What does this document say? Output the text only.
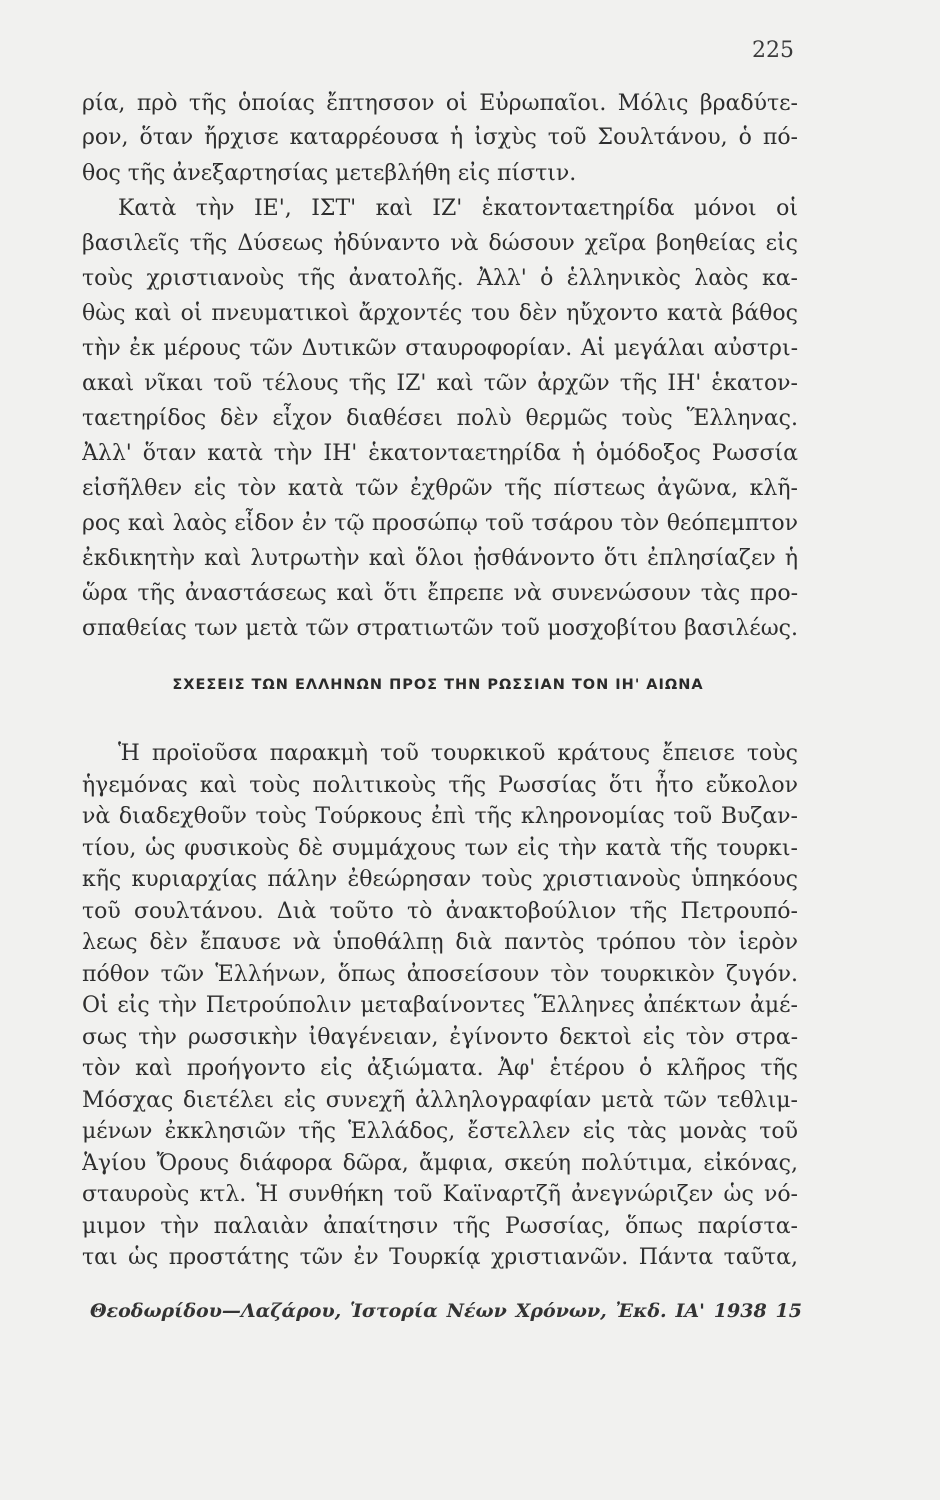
225
ρία, πρὸ τῆς ὁποίας ἔπτησσον οἱ Εὐρωπαῖοι. Μόλις βραδύτε-
ρον, ὅταν ἤρχισε καταρρέουσα ἡ ἰσχὺς τοῦ Σουλτάνου, ὁ πό-
θος τῆς ἀνεξαρτησίας μετεβλήθη εἰς πίστιν.
Κατὰ τὴν ΙΕ', ΙΣΤ' καὶ ΙΖ' ἑκατονταετηρίδα μόνοι οἱ
βασιλεῖς τῆς Δύσεως ἠδύναντο νὰ δώσουν χεῖρα βοηθείας εἰς
τοὺς χριστιανοὺς τῆς ἀνατολῆς. Ἀλλ' ὁ ἑλληνικὸς λαὸς κα-
θὼς καὶ οἱ πνευματικοὶ ἄρχοντές του δὲν ηὔχοντο κατὰ βάθος
τὴν ἐκ μέρους τῶν Δυτικῶν σταυροφορίαν. Αἱ μεγάλαι αὐστρι-
ακαὶ νῖκαι τοῦ τέλους τῆς ΙΖ' καὶ τῶν ἀρχῶν τῆς ΙΗ' ἑκατον-
ταετηρίδος δὲν εἶχον διαθέσει πολὺ θερμῶς τοὺς Ἕλληνας.
Ἀλλ' ὅταν κατὰ τὴν ΙΗ' ἑκατονταετηρίδα ἡ ὁμόδοξος Ρωσσία
εἰσῆλθεν εἰς τὸν κατὰ τῶν ἐχθρῶν τῆς πίστεως ἀγῶνα, κλῆ-
ρος καὶ λαὸς εἶδον ἐν τῷ προσώπῳ τοῦ τσάρου τὸν θεόπεμπτον
ἐκδικητὴν καὶ λυτρωτὴν καὶ ὅλοι ᾐσθάνοντο ὅτι ἐπλησίαζεν ἡ
ὥρα τῆς ἀναστάσεως καὶ ὅτι ἔπρεπε νὰ συνενώσουν τὰς προ-
σπαθείας των μετὰ τῶν στρατιωτῶν τοῦ μοσχοβίτου βασιλέως.
ΣΧΕΣΕΙΣ ΤΩΝ ΕΛΛΗΝΩΝ ΠΡΟΣ ΤΗΝ ΡΩΣΣΙΑΝ ΤΟΝ ΙΗ' ΑΙΩΝΑ
Ἡ προϊοῦσα παρακμὴ τοῦ τουρκικοῦ κράτους ἔπεισε τοὺς
ἡγεμόνας καὶ τοὺς πολιτικοὺς τῆς Ρωσσίας ὅτι ἦτο εὔκολον
νὰ διαδεχθοῦν τοὺς Τούρκους ἐπὶ τῆς κληρονομίας τοῦ Βυζαν-
τίου, ὡς φυσικοὺς δὲ συμμάχους των εἰς τὴν κατὰ τῆς τουρκι-
κῆς κυριαρχίας πάλην ἐθεώρησαν τοὺς χριστιανοὺς ὑπηκόους
τοῦ σουλτάνου. Διὰ τοῦτο τὸ ἀνακτοβούλιον τῆς Πετρουπό-
λεως δὲν ἔπαυσε νὰ ὑποθάλπῃ διὰ παντὸς τρόπου τὸν ἱερὸν
πόθον τῶν Ἑλλήνων, ὅπως ἀποσείσουν τὸν τουρκικὸν ζυγόν.
Οἱ εἰς τὴν Πετρούπολιν μεταβαίνοντες Ἕλληνες ἀπέκτων ἀμέ-
σως τὴν ρωσσικὴν ἰθαγένειαν, ἐγίνοντο δεκτοὶ εἰς τὸν στρα-
τὸν καὶ προήγοντο εἰς ἀξιώματα. Ἀφ' ἑτέρου ὁ κλῆρος τῆς
Μόσχας διετέλει εἰς συνεχῆ ἀλληλογραφίαν μετὰ τῶν τεθλιμ-
μένων ἐκκλησιῶν τῆς Ἑλλάδος, ἔστελλεν εἰς τὰς μονὰς τοῦ
Ἁγίου Ὄρους διάφορα δῶρα, ἄμφια, σκεύη πολύτιμα, εἰκόνας,
σταυροὺς κτλ. Ἡ συνθήκη τοῦ Καϊναρτζῆ ἀνεγνώριζεν ὡς νό-
μιμον τὴν παλαιὰν ἀπαίτησιν τῆς Ρωσσίας, ὅπως παρίστα-
ται ὡς προστάτης τῶν ἐν Τουρκίᾳ χριστιανῶν. Πάντα ταῦτα,
Θεοδωρίδου—Λαζάρου, Ἱστορία Νέων Χρόνων, Ἐκδ. ΙΑ' 1938 15
